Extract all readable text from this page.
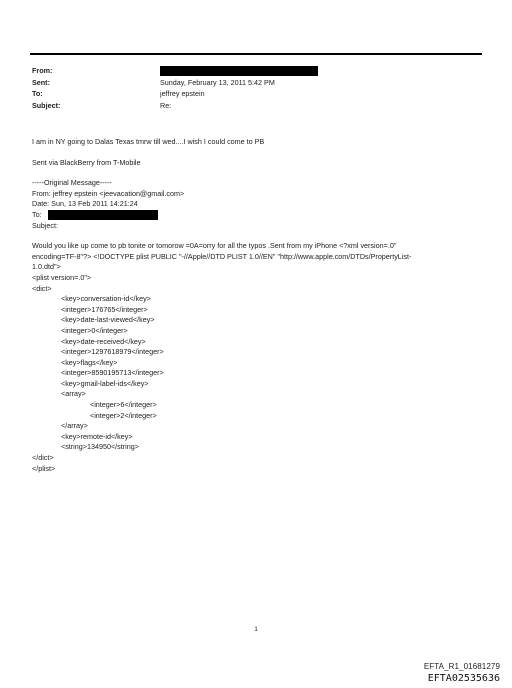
From:
Sent:	Sunday, February 13, 2011 5:42 PM
To:	jeffrey epstein
Subject:	Re:

I am in NY going to Dalas Texas tmrw till wed....I wish I could come to PB

Sent via BlackBerry from T-Mobile

-----Original Message-----

From: jeffrey epstein <jeevacation@gmail.com>

Date: Sun, 13 Feb 2011 14:21:24

To:

Subject:

Would you like up come to pb tonite or tomorow =0A=orry for all the typos .Sent from my iPhone <?xml version=.0"

encoding=TF-8"?> <!DOCTYPE plist PUBLIC "-//Apple//DTD PLIST 1.0//EN" "http://www.apple.com/DTDs/PropertyList-

1.0.dtd">

<plist version=.0">
<dict>
<key>conversation-id</key>
<integer>176765</integer>
<key>date-last-viewed</key>
<integer>0</integer>
<key>date-received</key>
<integer>1297618979</integer>
<key>flags</key>
<integer>8590195713</integer>
<key>gmail-label-ids</key>
<array>
<integer>6</integer>
<integer>2</integer>
</array>
<key>remote-id</key>
<string>134950</string>
</dict>
</plist>
1
EFTA_R1_01681279
EFTA02535636
